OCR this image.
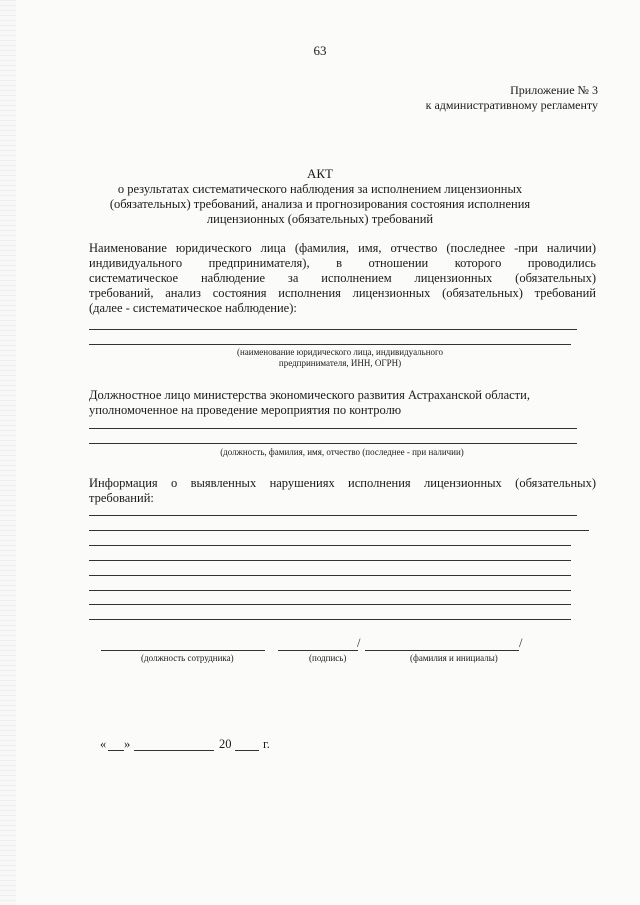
63
Приложение № 3
к административному регламенту
АКТ
о результатах систематического наблюдения за исполнением лицензионных
(обязательных) требований, анализа и прогнозирования состояния исполнения
лицензионных (обязательных) требований
Наименование юридического лица (фамилия, имя, отчество (последнее -при наличии)
индивидуального предпринимателя), в отношении которого проводились
систематическое наблюдение за исполнением лицензионных (обязательных)
требований, анализ состояния исполнения лицензионных (обязательных) требований
(далее - систематическое наблюдение):
(наименование юридического лица, индивидуального
предпринимателя, ИНН, ОГРН)
Должностное лицо министерства экономического развития Астраханской области,
уполномоченное на проведение мероприятия по контролю
(должность, фамилия, имя, отчество (последнее - при наличии)
Информация о выявленных нарушениях исполнения лицензионных (обязательных)
требований:
/	/
(должность сотрудника)	(подпись)	(фамилия и инициалы)
« »	20	г.
